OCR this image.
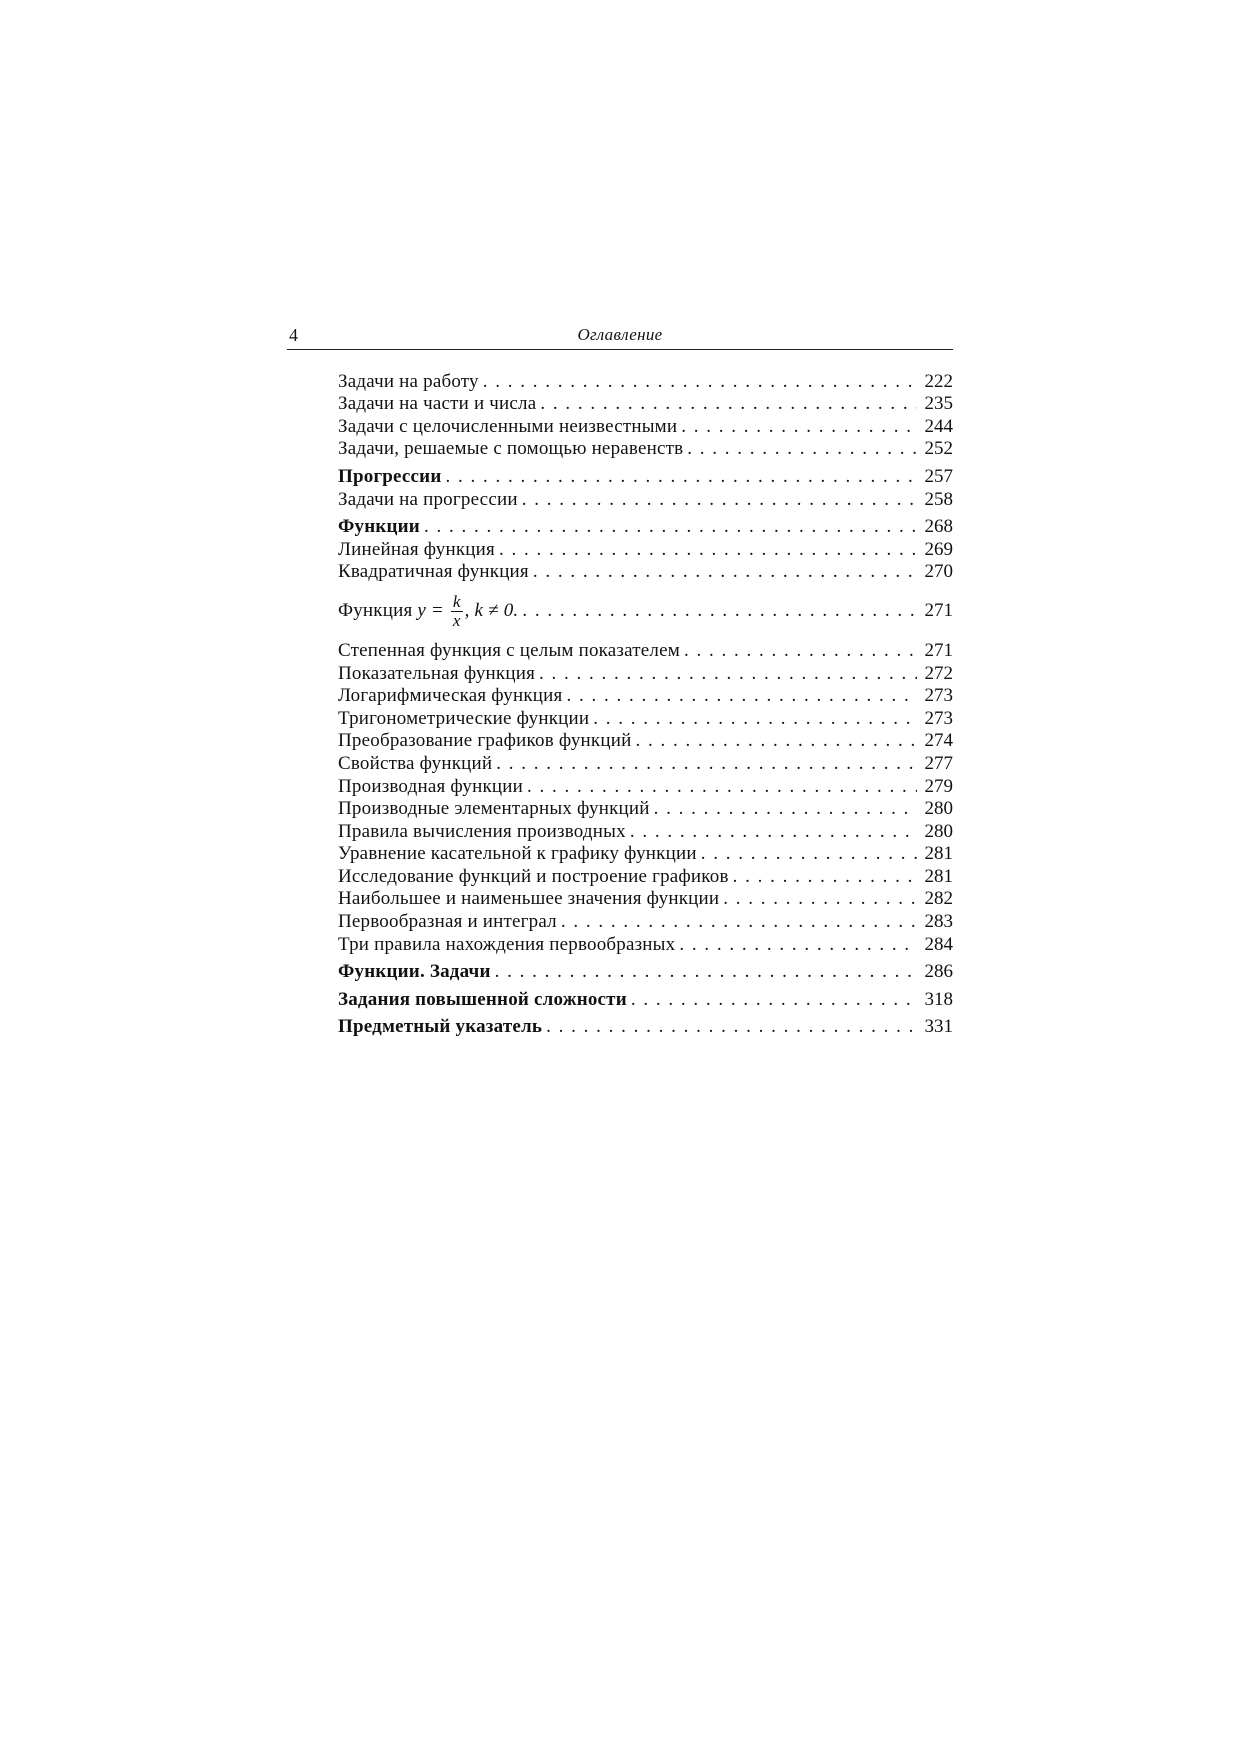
4	Оглавление
Задачи на работу . . .	222
Задачи на части и числа . . .	235
Задачи с целочисленными неизвестными . . .	244
Задачи, решаемые с помощью неравенств . . .	252
Прогрессии . . .	257
Задачи на прогрессии . . .	258
Функции . . .	268
Линейная функция . . .	269
Квадратичная функция . . .	270
Функция $y = \frac{k}{x}$ , k ≠ 0. . . .	271
Степенная функция с целым показателем . . .	271
Показательная функция . . .	272
Логарифмическая функция . . .	273
Тригонометрические функции . . .	273
Преобразование графиков функций . . .	274
Свойства функций . . .	277
Производная функции . . .	279
Производные элементарных функций . . .	280
Правила вычисления производных . . .	280
Уравнение касательной к графику функции . . .	281
Исследование функций и построение графиков . . .	281
Наибольшее и наименьшее значения функции . . .	282
Первообразная и интеграл . . .	283
Три правила нахождения первообразных . . .	284
Функции. Задачи . . .	286
Задания повышенной сложности . . .	318
Предметный указатель . . .	331
